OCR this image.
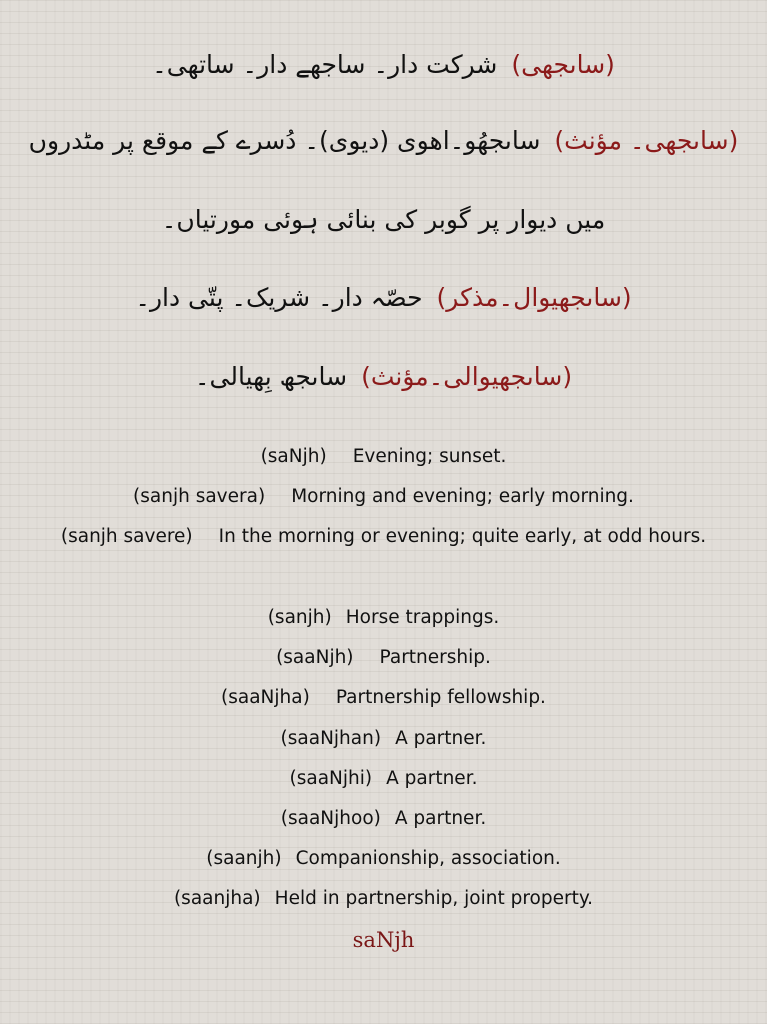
(ساںجھی)شرکت دار۔ ساجھے دار۔ ساتھی۔
(ساںجھی۔ مؤنث)ساںجھُو۔اھوی (دیوی)۔ دُسرے کے موقع پر مٹدروں
میں دیوار پر گوبر کی بنائی ہوئی مورتیاں۔
(ساںجھیوال۔مذکر)حصّہ دار۔ شریک۔ پتّی دار۔
(ساںجھیوالی۔مؤنث)ساںجھ بِھیالی۔
(saNjh) Evening; sunset.
(sanjh savera) Morning and evening; early morning.
(sanjh savere) In the morning or evening; quite early, at odd hours.
(sanjh) Horse trappings.
(saaNjh) Partnership.
(saaNjha) Partnership fellowship.
(saaNjhan) A partner.
(saaNjhi) A partner.
(saaNjhoo) A partner.
(saanjh) Companionship, association.
(saanjha) Held in partnership, joint property.
saNjh
